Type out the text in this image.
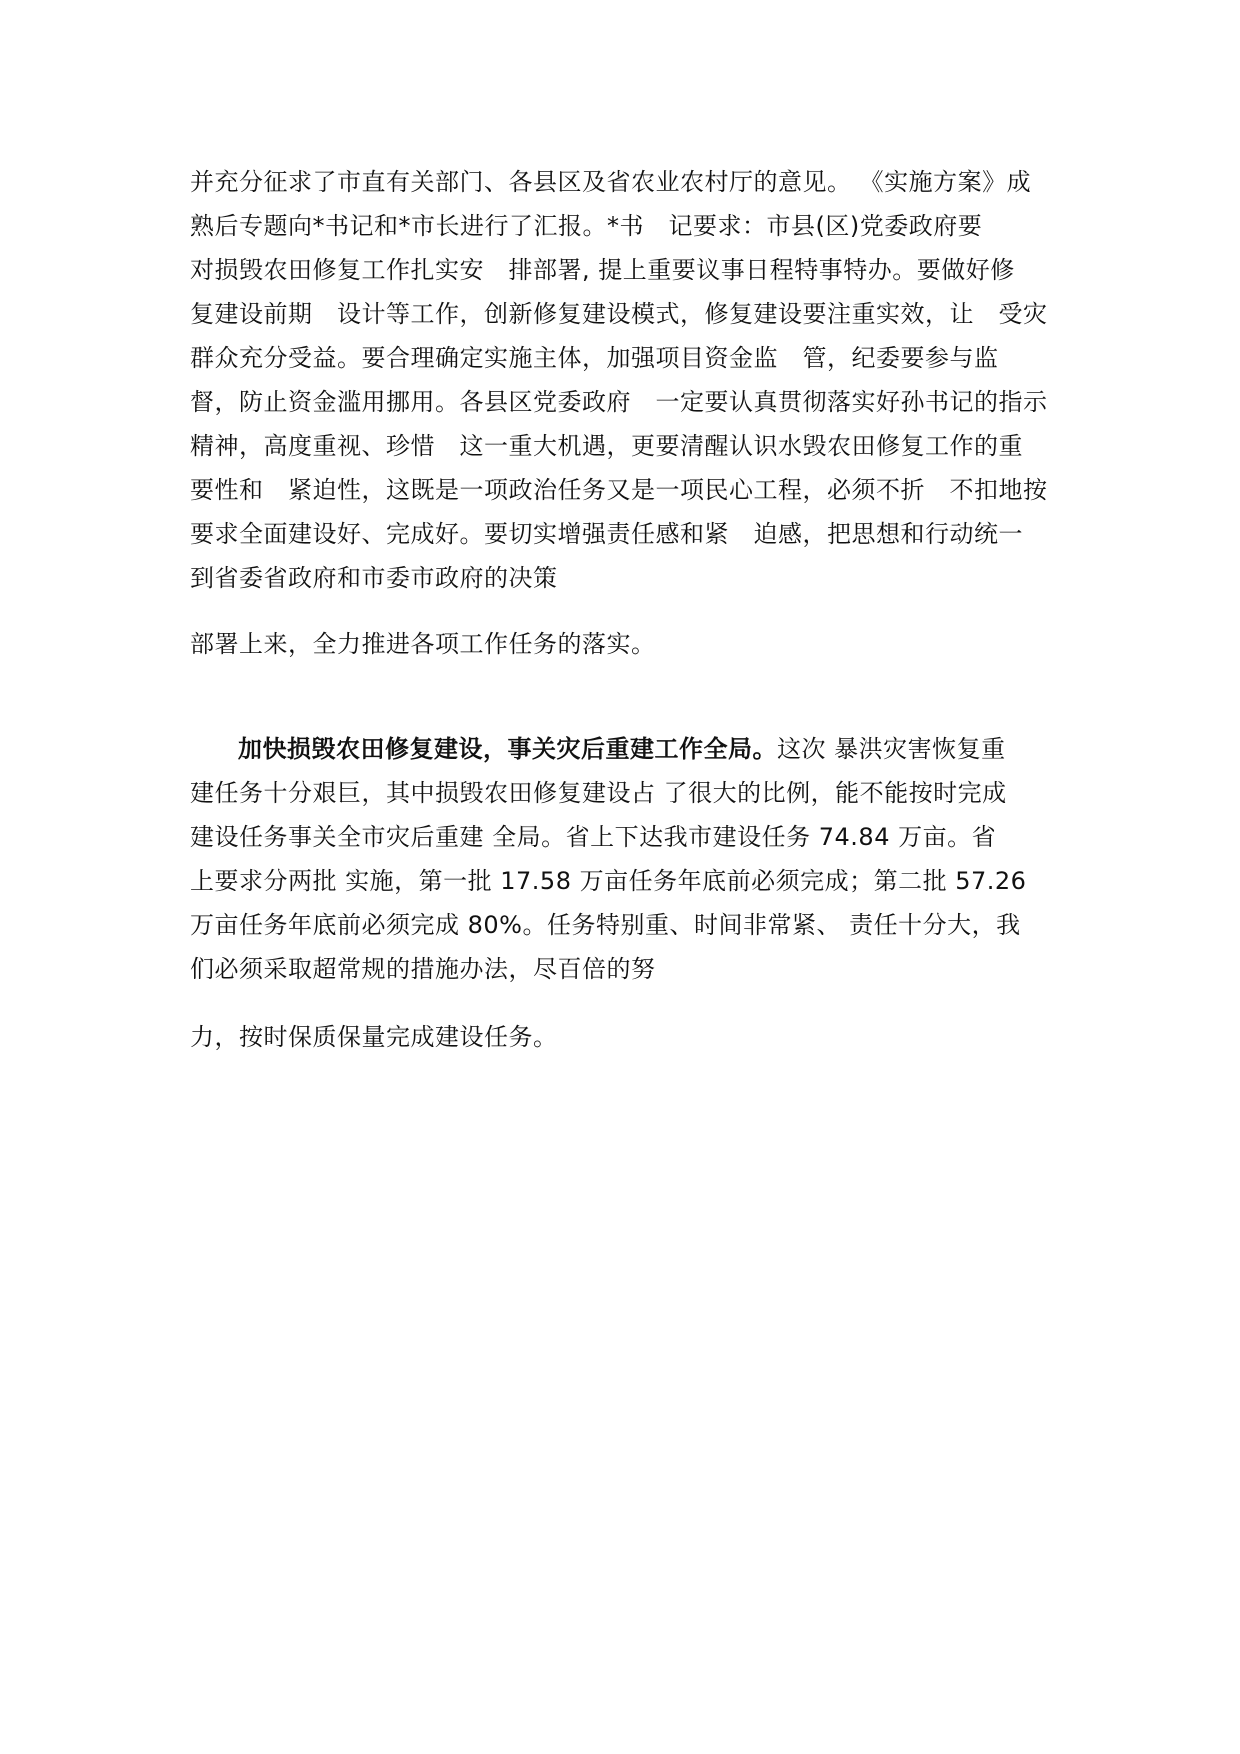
并充分征求了市直有关部门、各县区及省农业农村厅的意见。 《实施方案》成
熟后专题向*书记和*市长进行了汇报。*书　记要求：市县(区)党委政府要
对损毁农田修复工作扎实安　排部署, 提上重要议事日程特事特办。要做好修
复建设前期　设计等工作，创新修复建设模式，修复建设要注重实效，让　受灾
群众充分受益。要合理确定实施主体，加强项目资金监　管，纪委要参与监
督，防止资金滥用挪用。各县区党委政府　一定要认真贯彻落实好孙书记的指示
精神，高度重视、珍惜　这一重大机遇，更要清醒认识水毁农田修复工作的重
要性和　紧迫性，这既是一项政治任务又是一项民心工程，必须不折　不扣地按
要求全面建设好、完成好。要切实增强责任感和紧　迫感，把思想和行动统一
到省委省政府和市委市政府的决策
部署上来，全力推进各项工作任务的落实。
加快损毁农田修复建设，事关灾后重建工作全局。这次 暴洪灾害恢复重
建任务十分艰巨，其中损毁农田修复建设占 了很大的比例，能不能按时完成
建设任务事关全市灾后重建 全局。省上下达我市建设任务 74.84 万亩。省
上要求分两批 实施，第一批 17.58 万亩任务年底前必须完成；第二批 57.26
万亩任务年底前必须完成 80%。任务特别重、时间非常紧、 责任十分大，我
们必须采取超常规的措施办法，尽百倍的努
力，按时保质保量完成建设任务。
